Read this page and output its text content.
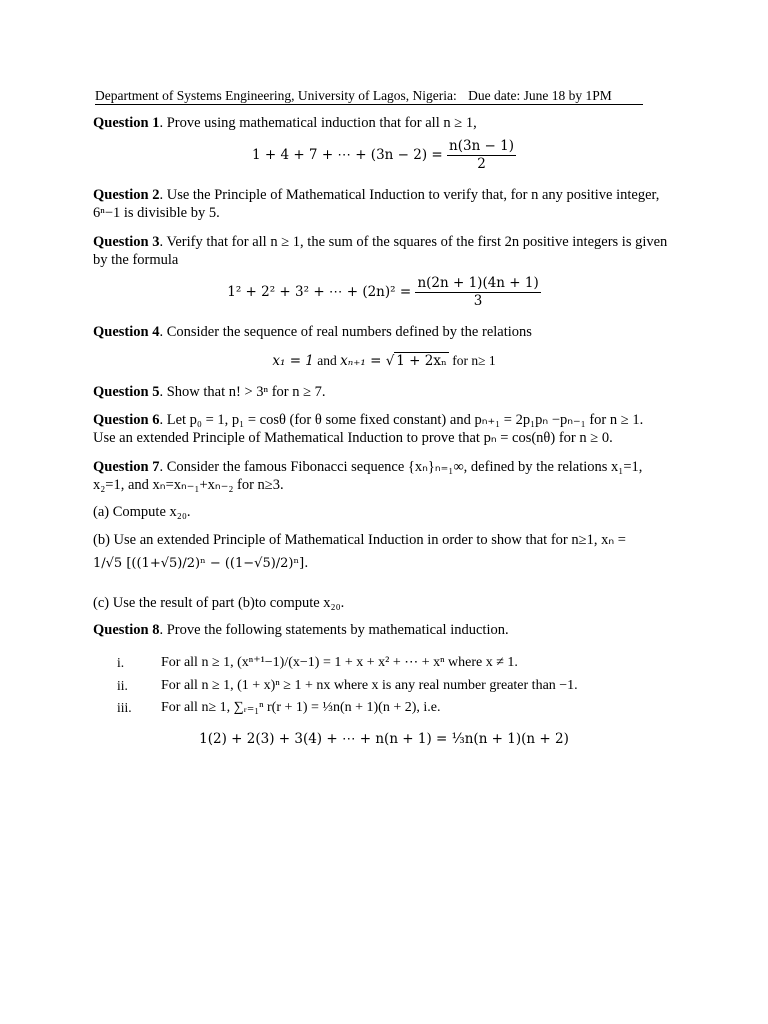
Department of Systems Engineering, University of Lagos, Nigeria: Due date: June 18 by 1PM
Question 1. Prove using mathematical induction that for all n ≥ 1,
1 + 4 + 7 + ⋯ + $(3n - 2) = \frac{n(3n - 1)}{2}$
Question 2. Use the Principle of Mathematical Induction to verify that, for n any positive integer, 6ⁿ−1 is divisible by 5.
Question 3. Verify that for all n ≥ 1, the sum of the squares of the first 2n positive integers is given by the formula
1² + 2² + 3² + ⋯ + $(2n)^2 = \frac{n(2n + 1)(4n + 1)}{3}$
Question 4. Consider the sequence of real numbers defined by the relations
x₁ = 1 and xₙ₊₁ = √ 1 + 2xₙ for n≥ 1
Question 5. Show that n! > 3ⁿ for n ≥ 7.
Question 6. Let p₀ = 1, p₁ = cosθ (for θ some fixed constant) and pₙ₊₁ = 2p₁pₙ −pₙ₋₁ for n ≥ 1.
Use an extended Principle of Mathematical Induction to prove that pₙ = cos(nθ) for n ≥ 0.
Question 7. Consider the famous Fibonacci sequence {xₙ}ₙ₌₁∞, defined by the relations x₁=1,
x₂=1, and xₙ=xₙ₋₁+xₙ₋₂ for n≥3.
(a) Compute x₂₀.
(b) Use an extended Principle of Mathematical Induction in order to show that for n≥1, xₙ =
1/√5 [((1+√5)/2)ⁿ − ((1−√5)/2)ⁿ].
(c) Use the result of part (b)to compute x₂₀.
Question 8. Prove the following statements by mathematical induction.
i.	For all n ≥ 1, (xⁿ⁺¹−1)/(x−1) = 1 + x + x² + ⋯ + xⁿ where x ≠ 1.
ii. For all n ≥ 1, (1 + x)ⁿ ≥ 1 + nx where x is any real number greater than −1.
iii. For all n≥ 1, ∑ᵣ₌₁ⁿ r(r + 1) = ⅓n(n + 1)(n + 2), i.e.
1(2) + 2(3) + 3(4) + ⋯ + n(n + 1) = ⅓n(n + 1)(n + 2)
